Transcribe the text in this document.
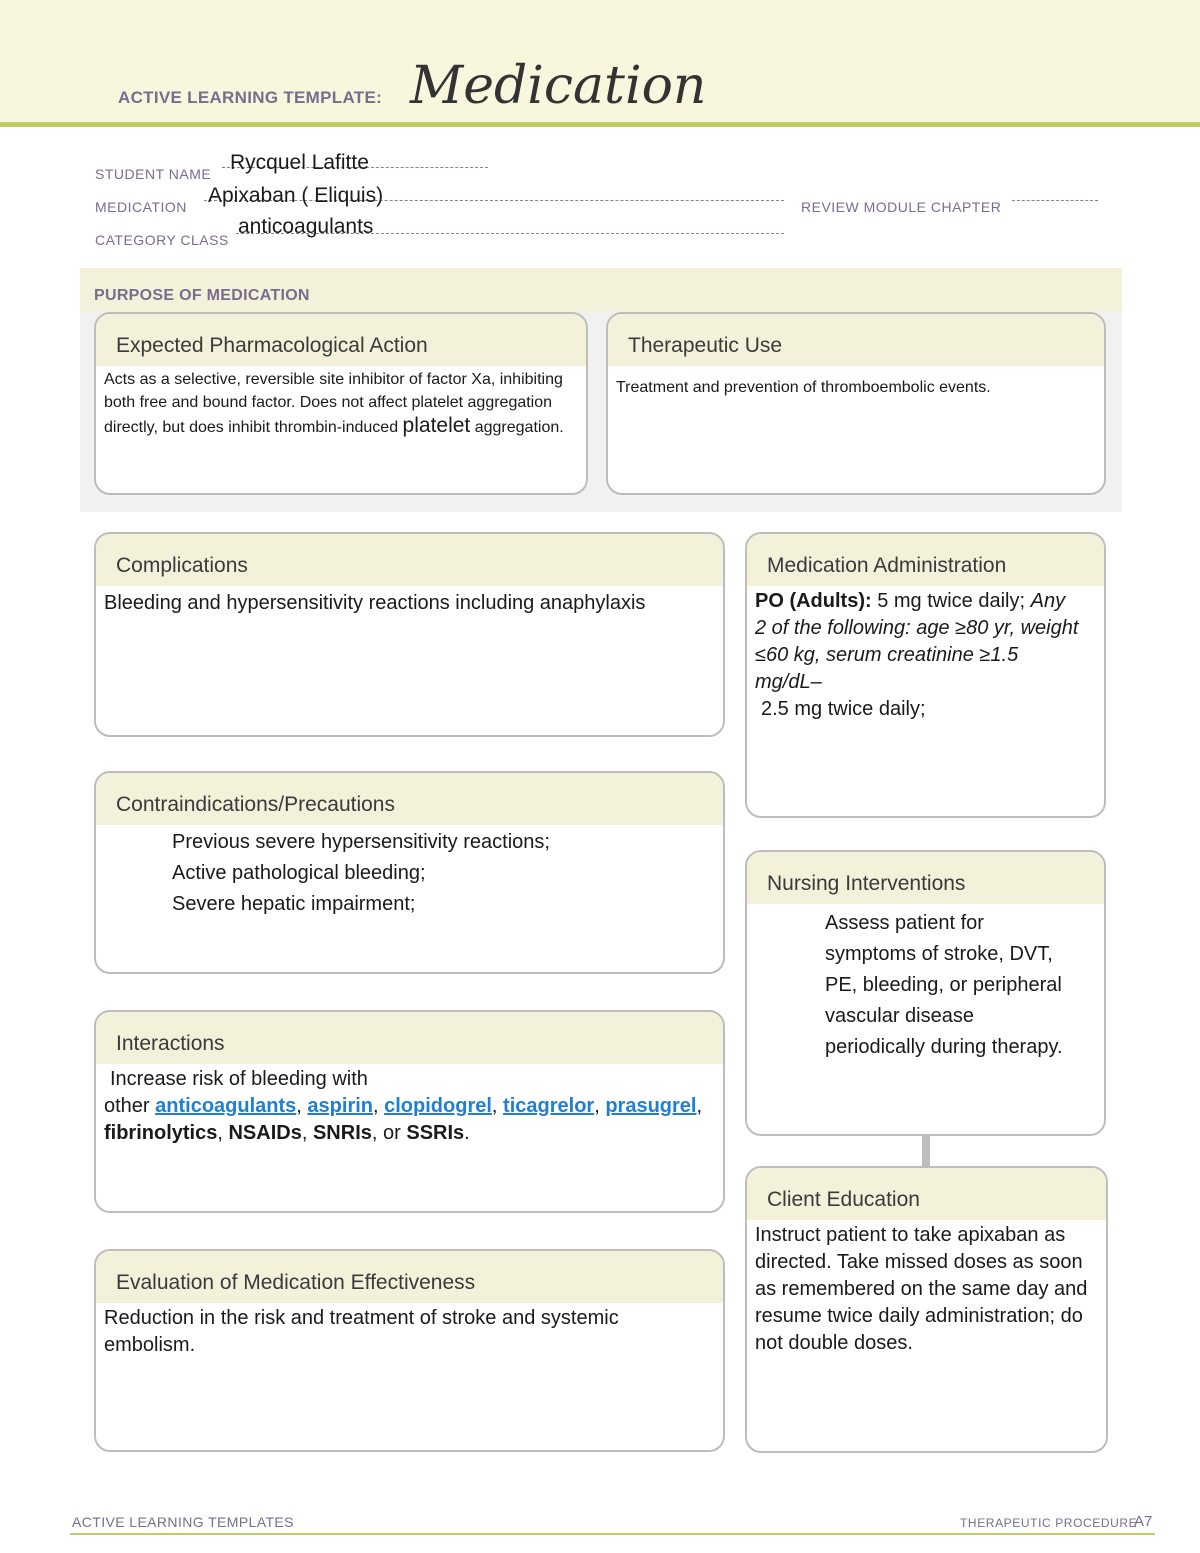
ACTIVE LEARNING TEMPLATE: Medication
STUDENT NAME Rycquel Lafitte
MEDICATION Apixaban ( Eliquis)	REVIEW MODULE CHAPTER
CATEGORY CLASS
anticoagulants
PURPOSE OF MEDICATION
Expected Pharmacological Action
Acts as a selective, reversible site inhibitor of factor Xa, inhibiting both free and bound factor. Does not affect platelet aggregation directly, but does inhibit thrombin-induced platelet aggregation.
Therapeutic Use
Treatment and prevention of thromboembolic events.
Complications
Bleeding and hypersensitivity reactions including anaphylaxis
Medication Administration
PO (Adults): 5 mg twice daily; Any 2 of the following: age ≥80 yr, weight ≤60 kg, serum creatinine ≥1.5 mg/dL–
2.5 mg twice daily;
Contraindications/Precautions
Previous severe hypersensitivity reactions;
Active pathological bleeding;
Severe hepatic impairment;
Nursing Interventions
Assess patient for symptoms of stroke, DVT, PE, bleeding, or peripheral vascular disease periodically during therapy.
Interactions
Increase risk of bleeding with
other anticoagulants, aspirin, clopidogrel, ticagrelor, prasugrel, fibrinolytics, NSAIDs, SNRIs, or SSRIs.
Client Education
Instruct patient to take apixaban as directed. Take missed doses as soon as remembered on the same day and resume twice daily administration; do not double doses.
Evaluation of Medication Effectiveness
Reduction in the risk and treatment of stroke and systemic embolism.
ACTIVE LEARNING TEMPLATES	THERAPEUTIC PROCEDURE
A7
